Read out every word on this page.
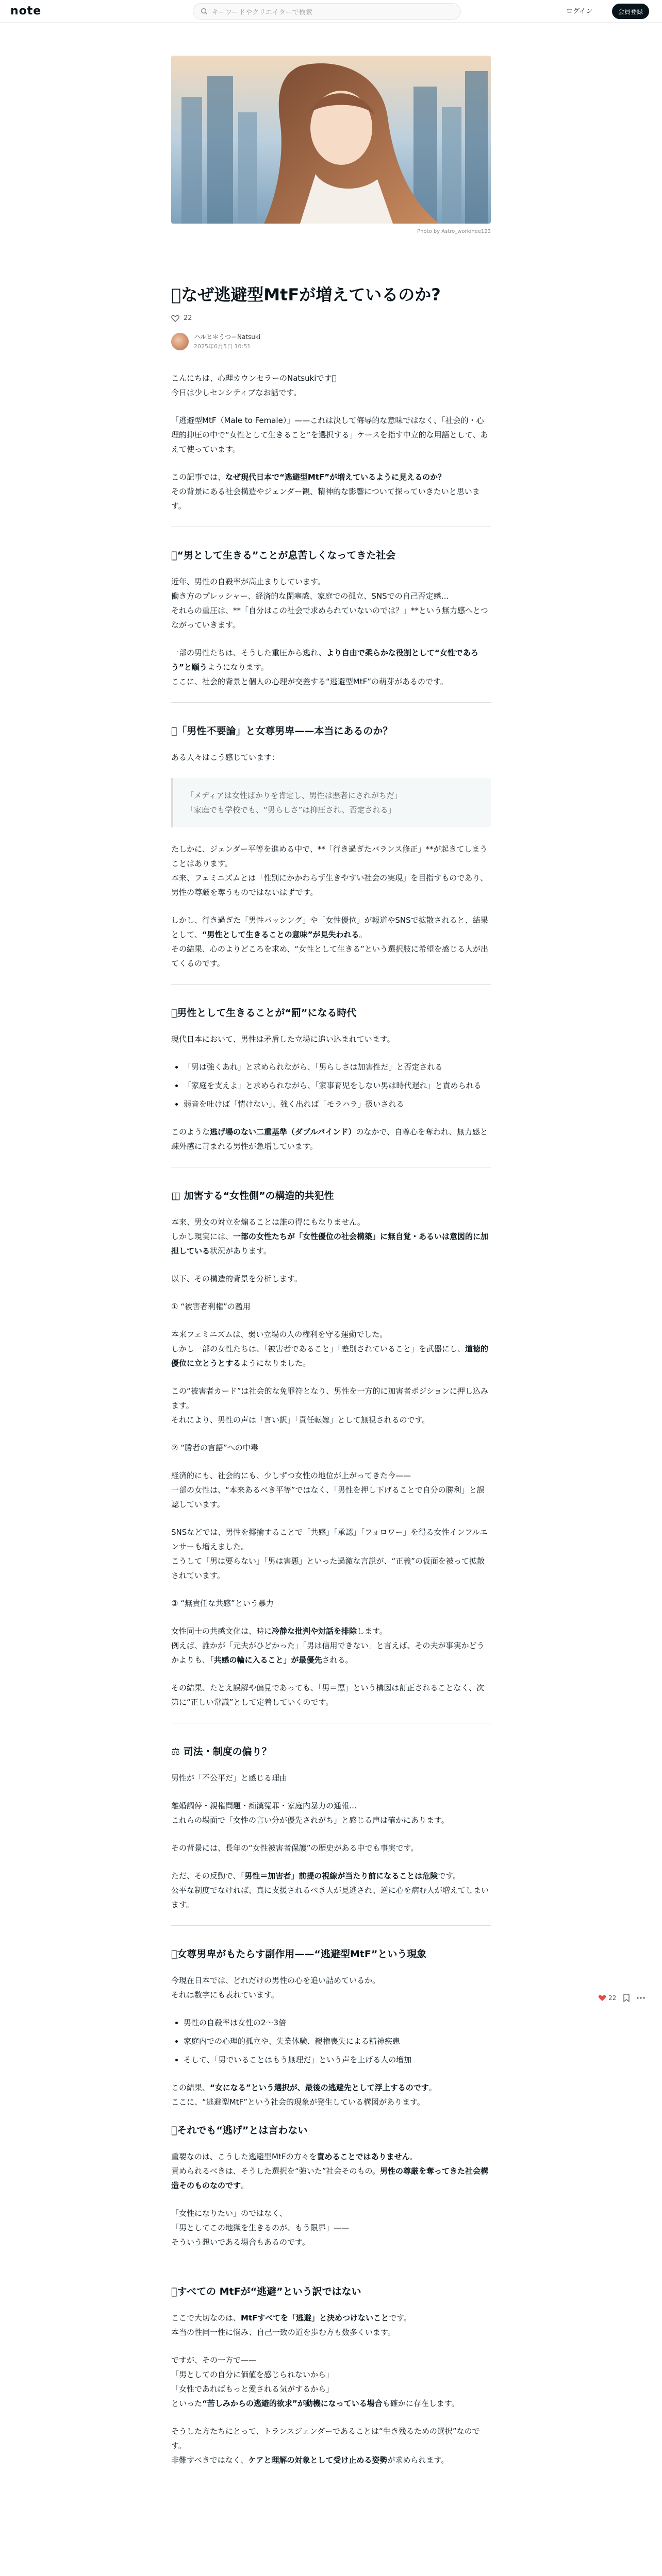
note	キーワードやクリエイターで検索	ログイン	会員登録
Photo by Astro_workinee123
􀀀なぜ逃避型MtFが増えているのか?
22
ハルヒ＊うつ＝Natsuki
2025年6月5日 10:51

こんにちは、心理カウンセラーのNatsukiです􀀀
今日は少しセンシティブなお話です。

「逃避型MtF（Male to Female）」——これは決して侮辱的な意味ではなく、「社会的・心理的抑圧の中で“女性として生きること”を選択する」ケースを指す中立的な用語として、あえて使っています。

この記事では、なぜ現代日本で“逃避型MtF”が増えているように見えるのか？
その背景にある社会構造やジェンダー観、精神的な影響について探っていきたいと思います。

􀀀“男として生きる”ことが息苦しくなってきた社会

近年、男性の自殺率が高止まりしています。
働き方のプレッシャー、経済的な閉塞感、家庭での孤立、SNSでの自己否定感…
それらの重圧は、**「自分はこの社会で求められていないのでは？」**という無力感へとつながっていきます。

一部の男性たちは、そうした重圧から逃れ、より自由で柔らかな役割として“女性であろう”と願うようになります。
ここに、社会的背景と個人の心理が交差する“逃避型MtF”の萌芽があるのです。

􀀀「男性不要論」と女尊男卑——本当にあるのか？

ある人々はこう感じています：

「メディアは女性ばかりを肯定し、男性は悪者にされがちだ」
「家庭でも学校でも、“男らしさ”は抑圧され、否定される」

たしかに、ジェンダー平等を進める中で、**「行き過ぎたバランス修正」**が起きてしまうことはあります。
本来、フェミニズムとは「性別にかかわらず生きやすい社会の実現」を目指すものであり、男性の尊厳を奪うものではないはずです。

しかし、行き過ぎた「男性バッシング」や「女性優位」が報道やSNSで拡散されると、結果として、“男性として生きることの意味”が見失われる。
その結果、心のよりどころを求め、“女性として生きる”という選択肢に希望を感じる人が出てくるのです。

􀀀男性として生きることが“罰”になる時代

現代日本において、男性は矛盾した立場に追い込まれています。

• 「男は強くあれ」と求められながら、「男らしさは加害性だ」と否定される
• 「家庭を支えよ」と求められながら、「家事育児をしない男は時代遅れ」と責められる
• 弱音を吐けば「情けない」、強く出れば「モラハラ」扱いされる

このような逃げ場のない二重基準（ダブルバインド）のなかで、自尊心を奪われ、無力感と疎外感に苛まれる男性が急増しています。

◫ 加害する“女性側”の構造的共犯性

本来、男女の対立を煽ることは誰の得にもなりません。
しかし現実には、一部の女性たちが「女性優位の社会構築」に無自覚・あるいは意図的に加担している状況があります。

以下、その構造的背景を分析します。

① “被害者利権”の濫用

本来フェミニズムは、弱い立場の人の権利を守る運動でした。
しかし一部の女性たちは、「被害者であること」「差別されていること」を武器にし、道徳的優位に立とうとするようになりました。

この“被害者カード”は社会的な免罪符となり、男性を一方的に加害者ポジションに押し込みます。
それにより、男性の声は「言い訳」「責任転嫁」として無視されるのです。

② “勝者の言語”への中毒

経済的にも、社会的にも、少しずつ女性の地位が上がってきた今——
一部の女性は、“本来あるべき平等”ではなく、「男性を押し下げることで自分の勝利」と誤認しています。

SNSなどでは、男性を揶揄することで「共感」「承認」「フォロワー」を得る女性インフルエンサーも増えました。
こうして「男は要らない」「男は害悪」といった過激な言説が、“正義”の仮面を被って拡散されています。

③ “無責任な共感”という暴力

女性同士の共感文化は、時に冷静な批判や対話を排除します。
例えば、誰かが「元夫がひどかった」「男は信用できない」と言えば、その夫が事実かどうかよりも、「共感の輪に入ること」が最優先される。

その結果、たとえ誤解や偏見であっても、「男＝悪」という構図は訂正されることなく、次第に“正しい常識”として定着していくのです。

⚖ 司法・制度の偏り？

男性が「不公平だ」と感じる理由

離婚調停・親権問題・痴漢冤罪・家庭内暴力の通報…
これらの場面で「女性の言い分が優先されがち」と感じる声は確かにあります。

その背景には、長年の“女性被害者保護”の歴史がある中でも事実です。

ただ、その反動で、「男性＝加害者」前提の視線が当たり前になることは危険です。
公平な制度でなければ、真に支援されるべき人が見逃され、逆に心を病む人が増えてしまいます。

􀀀女尊男卑がもたらす副作用——“逃避型MtF”という現象

今現在日本では、どれだけの男性の心を追い詰めているか。
それは数字にも表れています。

• 男性の自殺率は女性の2〜3倍
• 家庭内での心理的孤立や、失業体験、親権喪失による精神疾患
• そして、「男でいることはもう無理だ」という声を上げる人の増加

この結果、“女になる”という選択が、最後の逃避先として浮上するのです。
ここに、“逃避型MtF”という社会的現象が発生している構図があります。

􀀀それでも“逃げ”とは言わない

重要なのは、こうした逃避型MtFの方々を責めることではありません。
責められるべきは、そうした選択を“強いた”社会そのもの。男性の尊厳を奪ってきた社会構造そのものなのです。

「女性になりたい」のではなく、
「男としてこの地獄を生きるのが、もう限界」——
そういう想いである場合もあるのです。

􀀀すべての MtFが“逃避”という訳ではない

ここで大切なのは、MtFすべてを「逃避」と決めつけないことです。
本当の性同一性に悩み、自己一致の道を歩む方も数多くいます。

ですが、その一方で——
「男としての自分に価値を感じられないから」
「女性であればもっと愛される気がするから」
といった“苦しみからの逃避的欲求”が動機になっている場合も確かに存在します。

そうした方たちにとって、トランスジェンダーであることは“生き残るための選択”なのです。
非難すべきではなく、ケアと理解の対象として受け止める姿勢が求められます。

22
